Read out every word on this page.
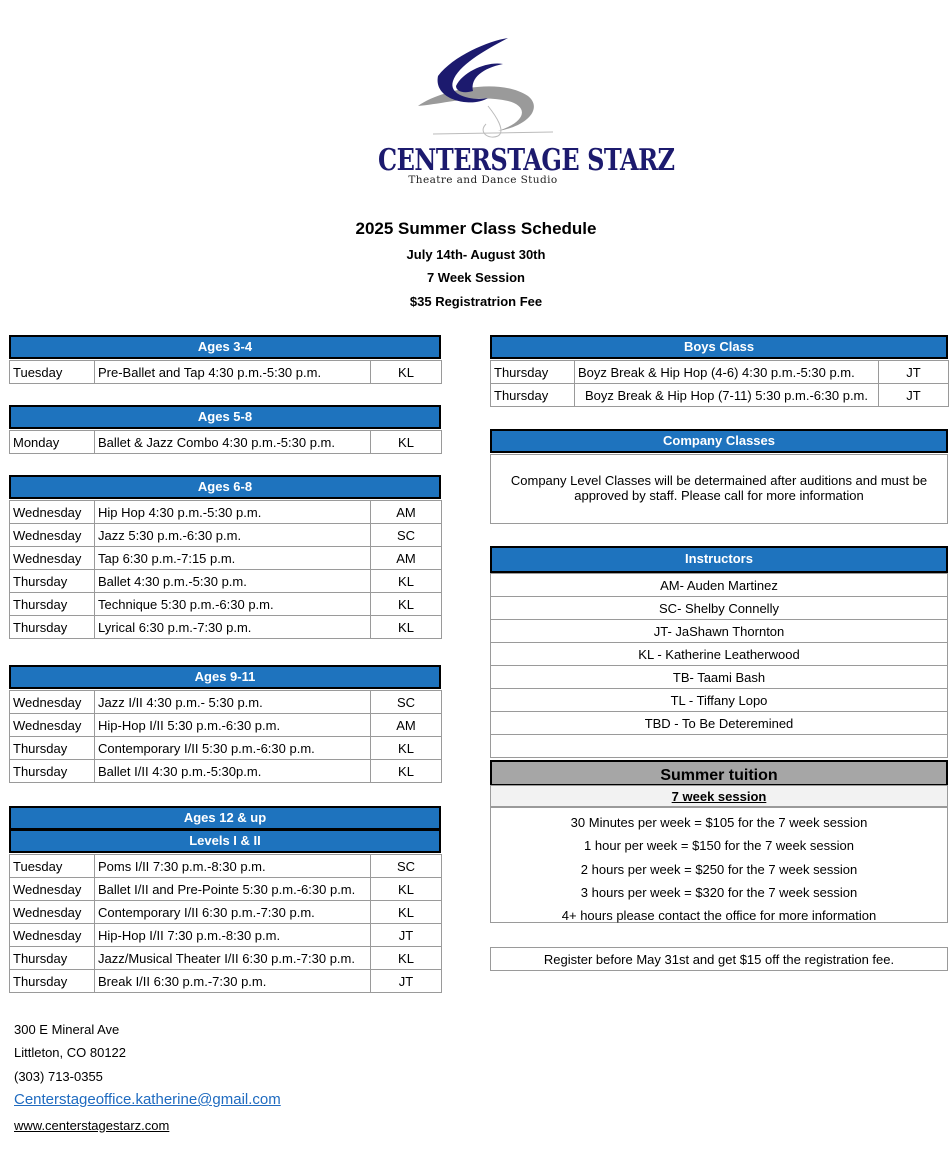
CENTERSTAGE STARZ
Theatre and Dance Studio
2025 Summer Class Schedule
July 14th- August 30th
7 Week Session
$35 Registratrion Fee
Ages 3-4
Tuesday	Pre-Ballet and Tap 4:30 p.m.-5:30 p.m.	KL
Ages 5-8
Monday	Ballet & Jazz Combo 4:30 p.m.-5:30 p.m.	KL
Ages 6-8
Wednesday	Hip Hop 4:30 p.m.-5:30 p.m.	AM
Wednesday	Jazz 5:30 p.m.-6:30 p.m.	SC
Wednesday	Tap 6:30 p.m.-7:15 p.m.	AM
Thursday	Ballet 4:30 p.m.-5:30 p.m.	KL
Thursday	Technique 5:30 p.m.-6:30 p.m.	KL
Thursday	Lyrical 6:30 p.m.-7:30 p.m.	KL
Ages 9-11
Wednesday	Jazz I/II 4:30 p.m.- 5:30 p.m.	SC
Wednesday	Hip-Hop I/II 5:30 p.m.-6:30 p.m.	AM
Thursday	Contemporary I/II 5:30 p.m.-6:30 p.m.	KL
Thursday	Ballet I/II 4:30 p.m.-5:30p.m.	KL
Ages 12 & up
Levels I & II
Tuesday	Poms I/II 7:30 p.m.-8:30 p.m.	SC
Wednesday	Ballet I/II and Pre-Pointe 5:30 p.m.-6:30 p.m.	KL
Wednesday	Contemporary I/II 6:30 p.m.-7:30 p.m.	KL
Wednesday	Hip-Hop I/II 7:30 p.m.-8:30 p.m.	JT
Thursday	Jazz/Musical Theater I/II 6:30 p.m.-7:30 p.m.	KL
Thursday	Break I/II 6:30 p.m.-7:30 p.m.	JT
Boys Class
Thursday	Boyz Break & Hip Hop (4-6) 4:30 p.m.-5:30 p.m.	JT
Thursday	Boyz Break & Hip Hop (7-11) 5:30 p.m.-6:30 p.m.	JT
Company Classes
Company Level Classes will be determained after auditions and must be approved by staff. Please call for more information
Instructors
AM- Auden Martinez
SC- Shelby Connelly
JT- JaShawn Thornton
KL - Katherine Leatherwood
TB- Taami Bash
TL - Tiffany Lopo
TBD - To Be Deteremined

Summer tuition
7 week session
30 Minutes per week = $105 for the 7 week session
1 hour per week = $150 for the 7 week session
2 hours per week = $250 for the 7 week session
3 hours per week = $320 for the 7 week session
4+ hours please contact the office for more information
Register before May 31st and get $15 off the registration fee.
300 E Mineral Ave
Littleton, CO 80122
(303) 713-0355
Centerstageoffice.katherine@gmail.com
www.centerstagestarz.com
